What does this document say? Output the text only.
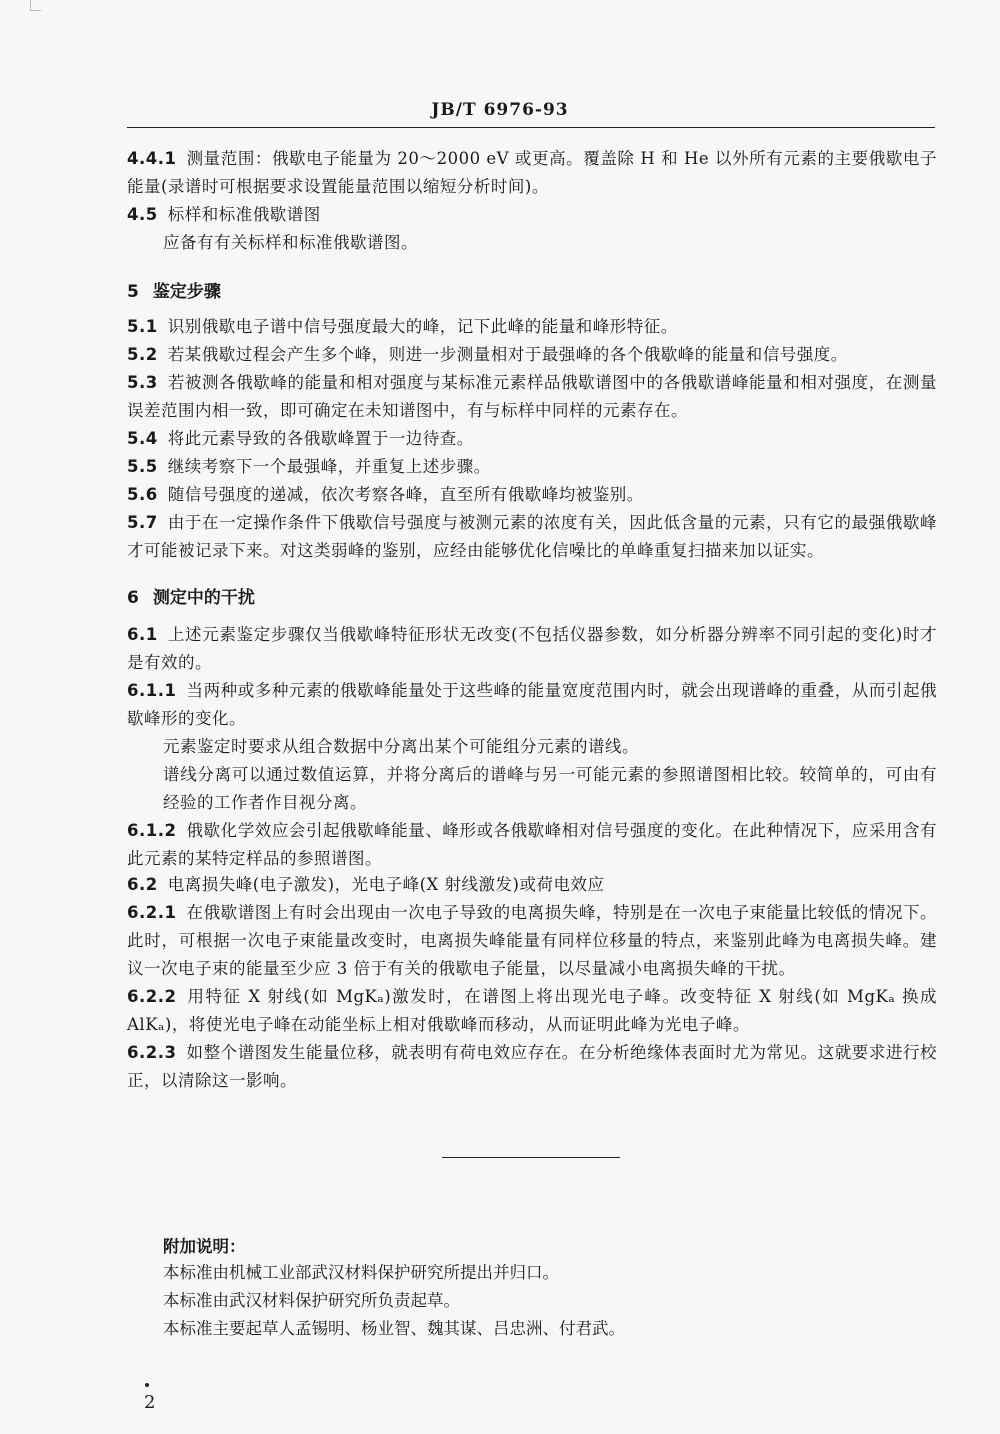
JB/T 6976-93
4.4.1 测量范围：俄歇电子能量为 20～2000 eV 或更高。覆盖除 H 和 He 以外所有元素的主要俄歇电子能量(录谱时可根据要求设置能量范围以缩短分析时间)。
4.5 标样和标准俄歇谱图
应备有有关标样和标准俄歇谱图。
5 鉴定步骤
5.1 识别俄歇电子谱中信号强度最大的峰，记下此峰的能量和峰形特征。
5.2 若某俄歇过程会产生多个峰，则进一步测量相对于最强峰的各个俄歇峰的能量和信号强度。
5.3 若被测各俄歇峰的能量和相对强度与某标准元素样品俄歇谱图中的各俄歇谱峰能量和相对强度，在测量误差范围内相一致，即可确定在未知谱图中，有与标样中同样的元素存在。
5.4 将此元素导致的各俄歇峰置于一边待查。
5.5 继续考察下一个最强峰，并重复上述步骤。
5.6 随信号强度的递减，依次考察各峰，直至所有俄歇峰均被鉴别。
5.7 由于在一定操作条件下俄歇信号强度与被测元素的浓度有关，因此低含量的元素，只有它的最强俄歇峰才可能被记录下来。对这类弱峰的鉴别，应经由能够优化信噪比的单峰重复扫描来加以证实。
6 测定中的干扰
6.1 上述元素鉴定步骤仅当俄歇峰特征形状无改变(不包括仪器参数，如分析器分辨率不同引起的变化)时才是有效的。
6.1.1 当两种或多种元素的俄歇峰能量处于这些峰的能量宽度范围内时，就会出现谱峰的重叠，从而引起俄歇峰形的变化。
元素鉴定时要求从组合数据中分离出某个可能组分元素的谱线。
谱线分离可以通过数值运算，并将分离后的谱峰与另一可能元素的参照谱图相比较。较简单的，可由有经验的工作者作目视分离。
6.1.2 俄歇化学效应会引起俄歇峰能量、峰形或各俄歇峰相对信号强度的变化。在此种情况下，应采用含有此元素的某特定样品的参照谱图。
6.2 电离损失峰(电子激发)，光电子峰(X 射线激发)或荷电效应
6.2.1 在俄歇谱图上有时会出现由一次电子导致的电离损失峰，特别是在一次电子束能量比较低的情况下。此时，可根据一次电子束能量改变时，电离损失峰能量有同样位移量的特点，来鉴别此峰为电离损失峰。建议一次电子束的能量至少应 3 倍于有关的俄歇电子能量，以尽量减小电离损失峰的干扰。
6.2.2 用特征 X 射线(如 MgKₐ)激发时，在谱图上将出现光电子峰。改变特征 X 射线(如 MgKₐ 换成 AlKₐ)，将使光电子峰在动能坐标上相对俄歇峰而移动，从而证明此峰为光电子峰。
6.2.3 如整个谱图发生能量位移，就表明有荷电效应存在。在分析绝缘体表面时尤为常见。这就要求进行校正，以清除这一影响。
附加说明：
本标准由机械工业部武汉材料保护研究所提出并归口。
本标准由武汉材料保护研究所负责起草。
本标准主要起草人孟锡明、杨业智、魏其谋、吕忠洲、付君武。
2
